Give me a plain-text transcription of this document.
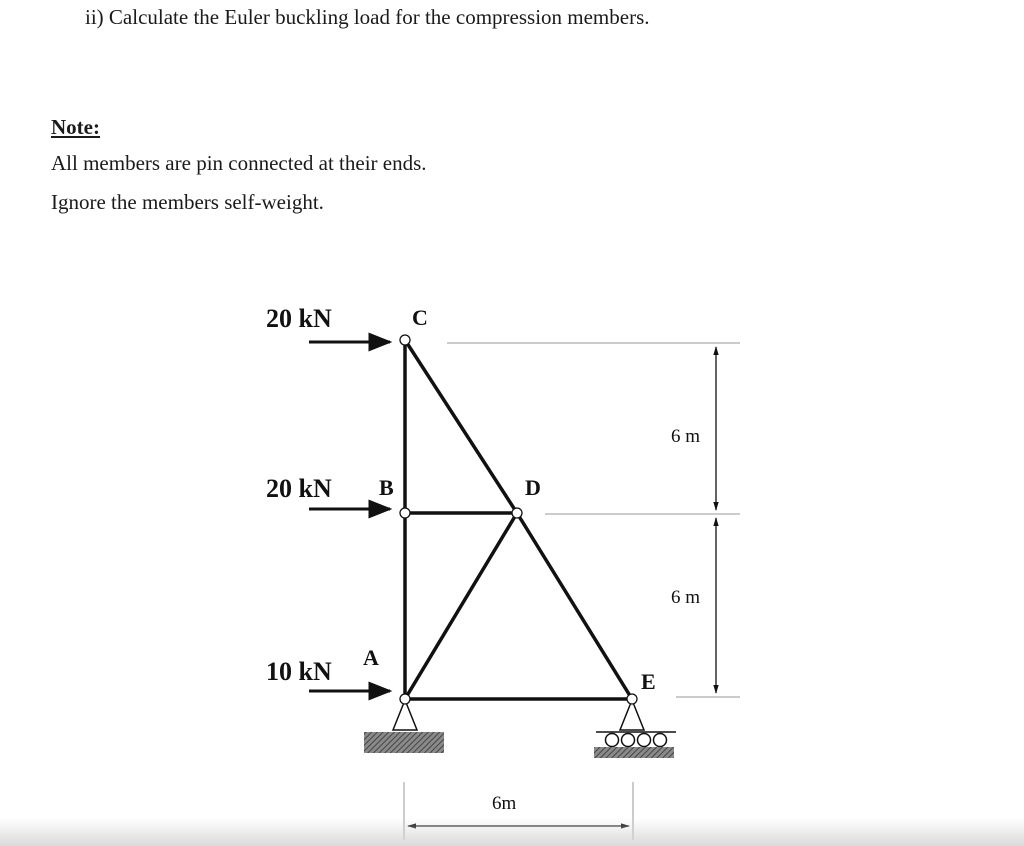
ii) Calculate the Euler buckling load for the compression members.

Note:

All members are pin connected at their ends.

Ignore the members self-weight.

20 kN
20 kN
10 kN
C
B	D
A
E
6 m
6 m
6m
